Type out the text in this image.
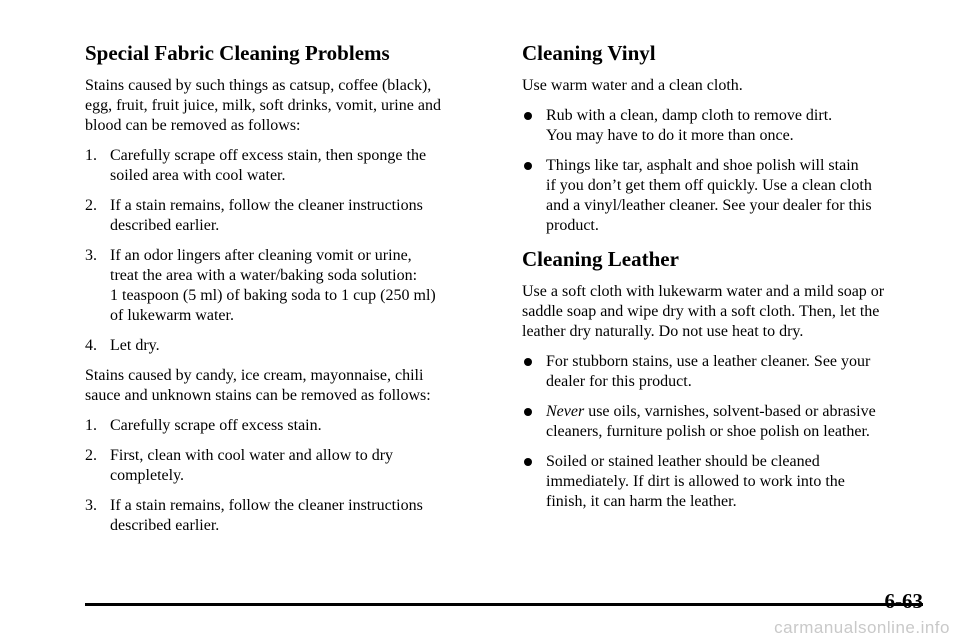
Special Fabric Cleaning Problems

Stains caused by such things as catsup, coffee (black),
egg, fruit, fruit juice, milk, soft drinks, vomit, urine and
blood can be removed as follows:

1. Carefully scrape off excess stain, then sponge the
soiled area with cool water.
2. If a stain remains, follow the cleaner instructions
described earlier.
3. If an odor lingers after cleaning vomit or urine,
treat the area with a water/baking soda solution:
1 teaspoon (5 ml) of baking soda to 1 cup (250 ml)
of lukewarm water.
4. Let dry.

Stains caused by candy, ice cream, mayonnaise, chili
sauce and unknown stains can be removed as follows:

1. Carefully scrape off excess stain.
2. First, clean with cool water and allow to dry
completely.
3. If a stain remains, follow the cleaner instructions
described earlier.
Cleaning Vinyl

Use warm water and a clean cloth.

Rub with a clean, damp cloth to remove dirt.
You may have to do it more than once.
Things like tar, asphalt and shoe polish will stain
if you don’t get them off quickly. Use a clean cloth
and a vinyl/leather cleaner. See your dealer for this
product.
Cleaning Leather

Use a soft cloth with lukewarm water and a mild soap or
saddle soap and wipe dry with a soft cloth. Then, let the
leather dry naturally. Do not use heat to dry.

For stubborn stains, use a leather cleaner. See your
dealer for this product.
Never use oils, varnishes, solvent-based or abrasive
cleaners, furniture polish or shoe polish on leather.
Soiled or stained leather should be cleaned
immediately. If dirt is allowed to work into the
finish, it can harm the leather.
6-63
carmanualsonline.info
